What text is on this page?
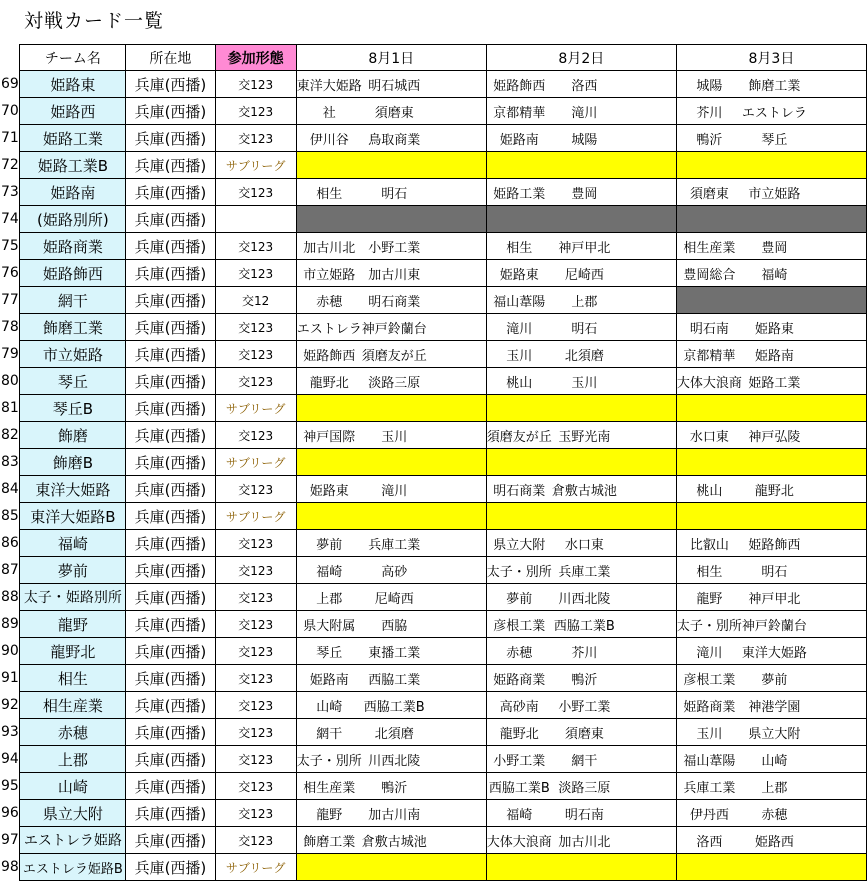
対戦カード一覧
	チーム名	所在地	参加形態	8月1日			8月2日			8月3日		
69	姫路東	兵庫(西播)	交123	東洋大姫路	明石城西		姫路飾西	洛西		城陽	飾磨工業	
70	姫路西	兵庫(西播)	交123	社	須磨東		京都精華	滝川		芥川	エストレラ	
71	姫路工業	兵庫(西播)	交123	伊川谷	鳥取商業		姫路南	城陽		鴨沂	琴丘	
72	姫路工業B	兵庫(西播)	サブリーグ									
73	姫路南	兵庫(西播)	交123	相生	明石		姫路工業	豊岡		須磨東	市立姫路	
74	(姫路別所)	兵庫(西播)										
75	姫路商業	兵庫(西播)	交123	加古川北	小野工業		相生	神戸甲北		相生産業	豊岡	
76	姫路飾西	兵庫(西播)	交123	市立姫路	加古川東		姫路東	尼崎西		豊岡総合	福崎	
77	網干	兵庫(西播)	交12	赤穂	明石商業		福山葦陽	上郡				
78	飾磨工業	兵庫(西播)	交123	エストレラ	神戸鈴蘭台		滝川	明石		明石南	姫路東	
79	市立姫路	兵庫(西播)	交123	姫路飾西	須磨友が丘		玉川	北須磨		京都精華	姫路南	
80	琴丘	兵庫(西播)	交123	龍野北	淡路三原		桃山	玉川		大体大浪商	姫路工業	
81	琴丘B	兵庫(西播)	サブリーグ									
82	飾磨	兵庫(西播)	交123	神戸国際	玉川		須磨友が丘	玉野光南		水口東	神戸弘陵	
83	飾磨B	兵庫(西播)	サブリーグ									
84	東洋大姫路	兵庫(西播)	交123	姫路東	滝川		明石商業	倉敷古城池		桃山	龍野北	
85	東洋大姫路B	兵庫(西播)	サブリーグ									
86	福崎	兵庫(西播)	交123	夢前	兵庫工業		県立大附	水口東		比叡山	姫路飾西	
87	夢前	兵庫(西播)	交123	福崎	高砂		太子・別所	兵庫工業		相生	明石	
88	太子・姫路別所	兵庫(西播)	交123	上郡	尼崎西		夢前	川西北陵		龍野	神戸甲北	
89	龍野	兵庫(西播)	交123	県大附属	西脇		彦根工業	西脇工業B		太子・別所	神戸鈴蘭台	
90	龍野北	兵庫(西播)	交123	琴丘	東播工業		赤穂	芥川		滝川	東洋大姫路	
91	相生	兵庫(西播)	交123	姫路南	西脇工業		姫路商業	鴨沂		彦根工業	夢前	
92	相生産業	兵庫(西播)	交123	山崎	西脇工業B		高砂南	小野工業		姫路商業	神港学園	
93	赤穂	兵庫(西播)	交123	網干	北須磨		龍野北	須磨東		玉川	県立大附	
94	上郡	兵庫(西播)	交123	太子・別所	川西北陵		小野工業	網干		福山葦陽	山崎	
95	山崎	兵庫(西播)	交123	相生産業	鴨沂		西脇工業B	淡路三原		兵庫工業	上郡	
96	県立大附	兵庫(西播)	交123	龍野	加古川南		福崎	明石南		伊丹西	赤穂	
97	エストレラ姫路	兵庫(西播)	交123	飾磨工業	倉敷古城池		大体大浪商	加古川北		洛西	姫路西	
98	エストレラ姫路B	兵庫(西播)	サブリーグ									
